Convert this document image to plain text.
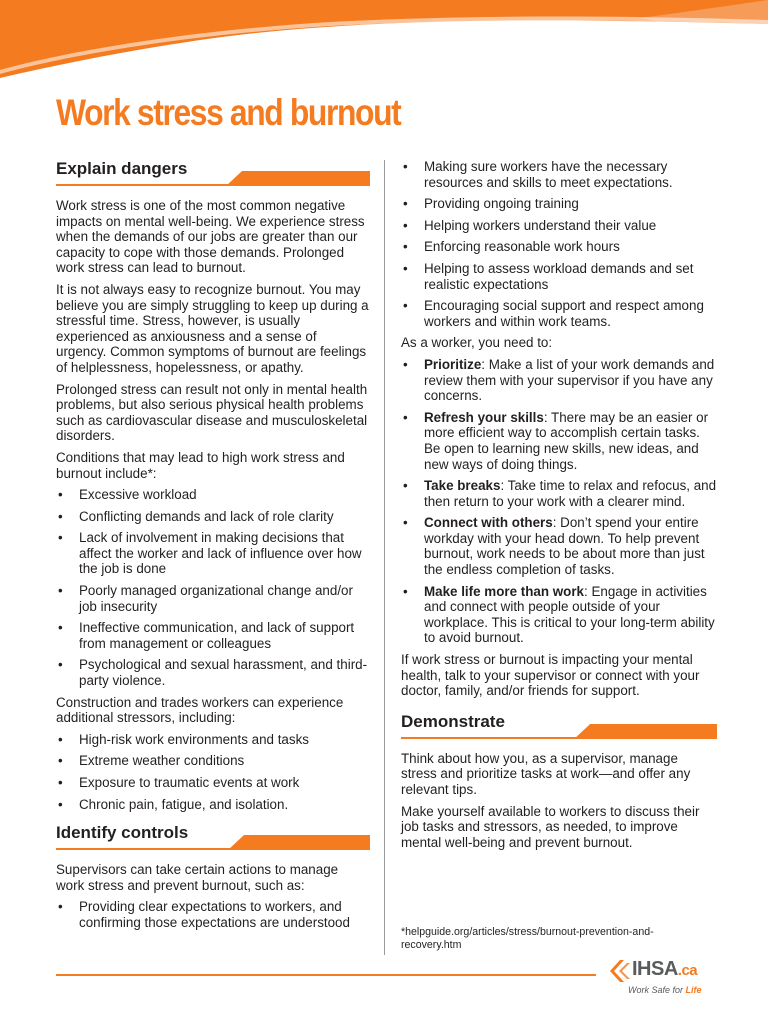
Work stress and burnout
Explain dangers

Work stress is one of the most common negative impacts on mental well-being. We experience stress when the demands of our jobs are greater than our capacity to cope with those demands. Prolonged work stress can lead to burnout.

It is not always easy to recognize burnout. You may believe you are simply struggling to keep up during a stressful time. Stress, however, is usually experienced as anxiousness and a sense of urgency. Common symptoms of burnout are feelings of helplessness, hopelessness, or apathy.

Prolonged stress can result not only in mental health problems, but also serious physical health problems such as cardiovascular disease and musculoskeletal disorders.

Conditions that may lead to high work stress and burnout include*:

• Excessive workload
• Conflicting demands and lack of role clarity
• Lack of involvement in making decisions that affect the worker and lack of influence over how the job is done
• Poorly managed organizational change and/or job insecurity
• Ineffective communication, and lack of support from management or colleagues
• Psychological and sexual harassment, and third-party violence.

Construction and trades workers can experience additional stressors, including:

• High-risk work environments and tasks
• Extreme weather conditions
• Exposure to traumatic events at work
• Chronic pain, fatigue, and isolation.
Identify controls

Supervisors can take certain actions to manage work stress and prevent burnout, such as:

• Providing clear expectations to workers, and confirming those expectations are understood
• Making sure workers have the necessary resources and skills to meet expectations.
• Providing ongoing training
• Helping workers understand their value
• Enforcing reasonable work hours
• Helping to assess workload demands and set realistic expectations
• Encouraging social support and respect among workers and within work teams.

As a worker, you need to:

• Prioritize: Make a list of your work demands and review them with your supervisor if you have any concerns.
• Refresh your skills: There may be an easier or more efficient way to accomplish certain tasks. Be open to learning new skills, new ideas, and new ways of doing things.
• Take breaks: Take time to relax and refocus, and then return to your work with a clearer mind.
• Connect with others: Don’t spend your entire workday with your head down. To help prevent burnout, work needs to be about more than just the endless completion of tasks.
• Make life more than work: Engage in activities and connect with people outside of your workplace. This is critical to your long-term ability to avoid burnout.

If work stress or burnout is impacting your mental health, talk to your supervisor or connect with your doctor, family, and/or friends for support.

Demonstrate

Think about how you, as a supervisor, manage stress and prioritize tasks at work—and offer any relevant tips.

Make yourself available to workers to discuss their job tasks and stressors, as needed, to improve mental well-being and prevent burnout.

*helpguide.org/articles/stress/burnout-prevention-and-recovery.htm
IHSA.ca
Work Safe for Life
